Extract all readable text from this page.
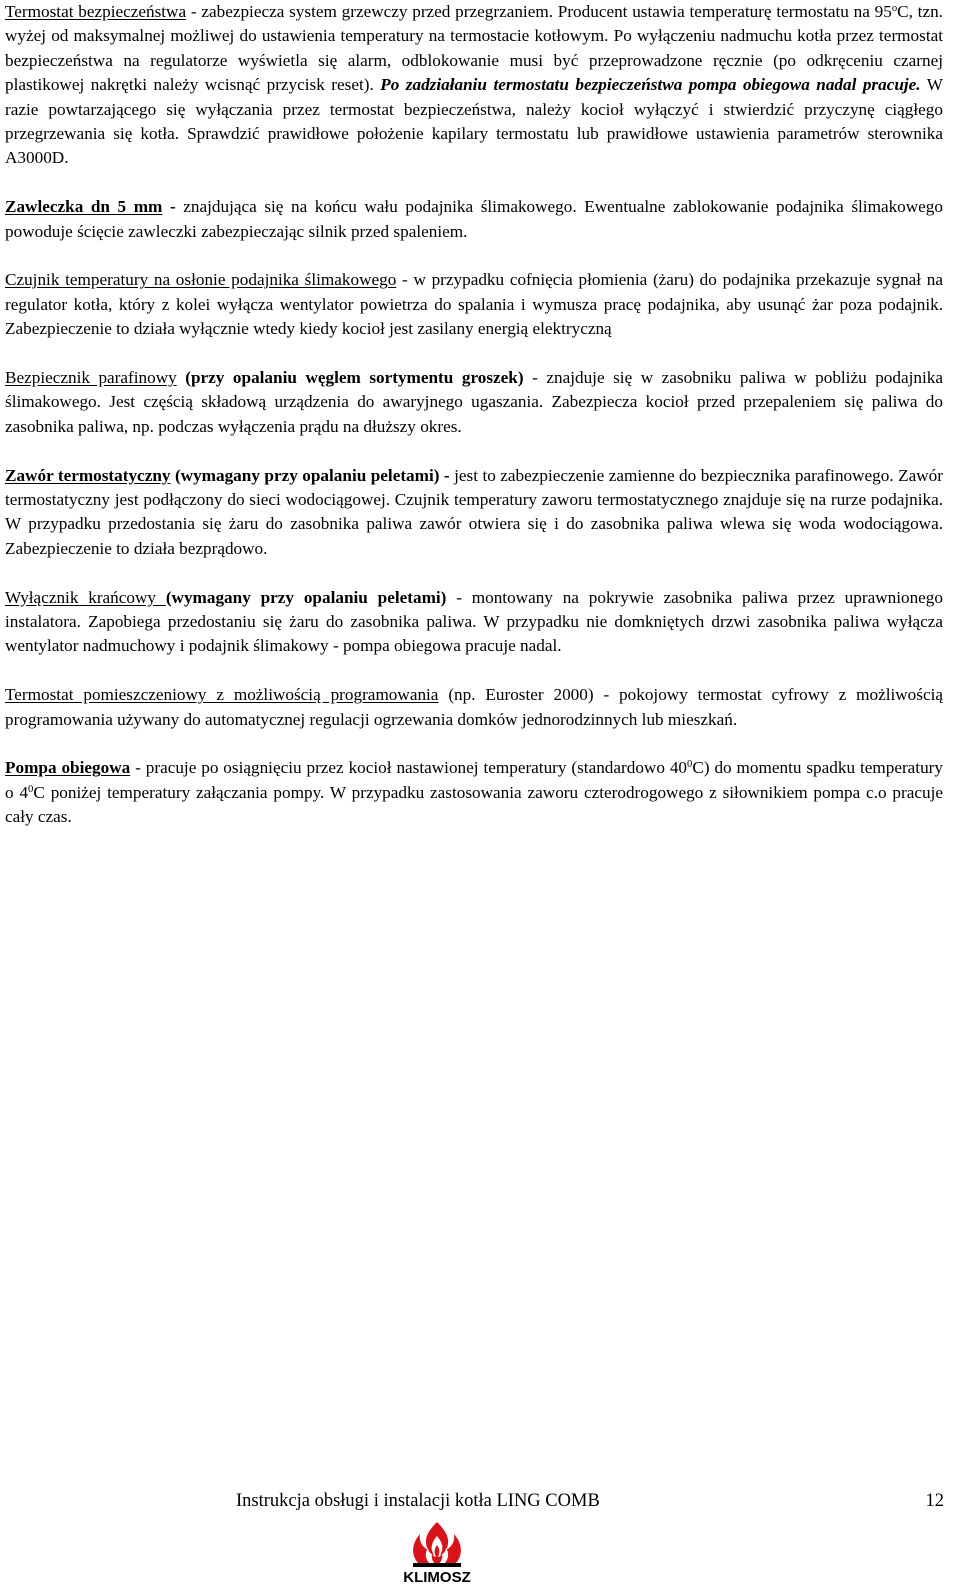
Termostat bezpieczeństwa - zabezpiecza system grzewczy przed przegrzaniem. Producent ustawia temperaturę termostatu na 95$^o$C, tzn. wyżej od maksymalnej możliwej do ustawienia temperatury na termostacie kotłowym. Po wyłączeniu nadmuchu kotła przez termostat bezpieczeństwa na regulatorze wyświetla się alarm, odblokowanie musi być przeprowadzone ręcznie (po odkręceniu czarnej plastikowej nakrętki należy wcisnąć przycisk reset). Po zadziałaniu termostatu bezpieczeństwa pompa obiegowa nadal pracuje. W razie powtarzającego się wyłączania przez termostat bezpieczeństwa, należy kocioł wyłączyć i stwierdzić przyczynę ciągłego przegrzewania się kotła. Sprawdzić prawidłowe położenie kapilary termostatu lub prawidłowe ustawienia parametrów sterownika A3000D.

Zawleczka dn 5 mm - znajdująca się na końcu wału podajnika ślimakowego. Ewentualne zablokowanie podajnika ślimakowego powoduje ścięcie zawleczki zabezpieczając silnik przed spaleniem.

Czujnik temperatury na osłonie podajnika ślimakowego - w przypadku cofnięcia płomienia (żaru) do podajnika przekazuje sygnał na regulator kotła, który z kolei wyłącza wentylator powietrza do spalania i wymusza pracę podajnika, aby usunąć żar poza podajnik. Zabezpieczenie to działa wyłącznie wtedy kiedy kocioł jest zasilany energią elektryczną

Bezpiecznik parafinowy (przy opalaniu węglem sortymentu groszek) - znajduje się w zasobniku paliwa w pobliżu podajnika ślimakowego. Jest częścią składową urządzenia do awaryjnego ugaszania. Zabezpiecza kocioł przed przepaleniem się paliwa do zasobnika paliwa, np. podczas wyłączenia prądu na dłuższy okres.

Zawór termostatyczny (wymagany przy opalaniu peletami) - jest to zabezpieczenie zamienne do bezpiecznika parafinowego. Zawór termostatyczny jest podłączony do sieci wodociągowej. Czujnik temperatury zaworu termostatycznego znajduje się na rurze podajnika. W przypadku przedostania się żaru do zasobnika paliwa zawór otwiera się i do zasobnika paliwa wlewa się woda wodociągowa. Zabezpieczenie to działa bezprądowo.

Wyłącznik krańcowy (wymagany przy opalaniu peletami) - montowany na pokrywie zasobnika paliwa przez uprawnionego instalatora. Zapobiega przedostaniu się żaru do zasobnika paliwa. W przypadku nie domkniętych drzwi zasobnika paliwa wyłącza wentylator nadmuchowy i podajnik ślimakowy - pompa obiegowa pracuje nadal.

Termostat pomieszczeniowy z możliwością programowania (np. Euroster 2000) - pokojowy termostat cyfrowy z możliwością programowania używany do automatycznej regulacji ogrzewania domków jednorodzinnych lub mieszkań.

Pompa obiegowa - pracuje po osiągnięciu przez kocioł nastawionej temperatury (standardowo $40^0C$) do momentu spadku temperatury o $4^0C$ poniżej temperatury załączania pompy. W przypadku zastosowania zaworu czterodrogowego z siłownikiem pompa c.o pracuje cały czas.

Instrukcja obsługi i instalacji kotła LING COMB	12
KLIMOSZ
